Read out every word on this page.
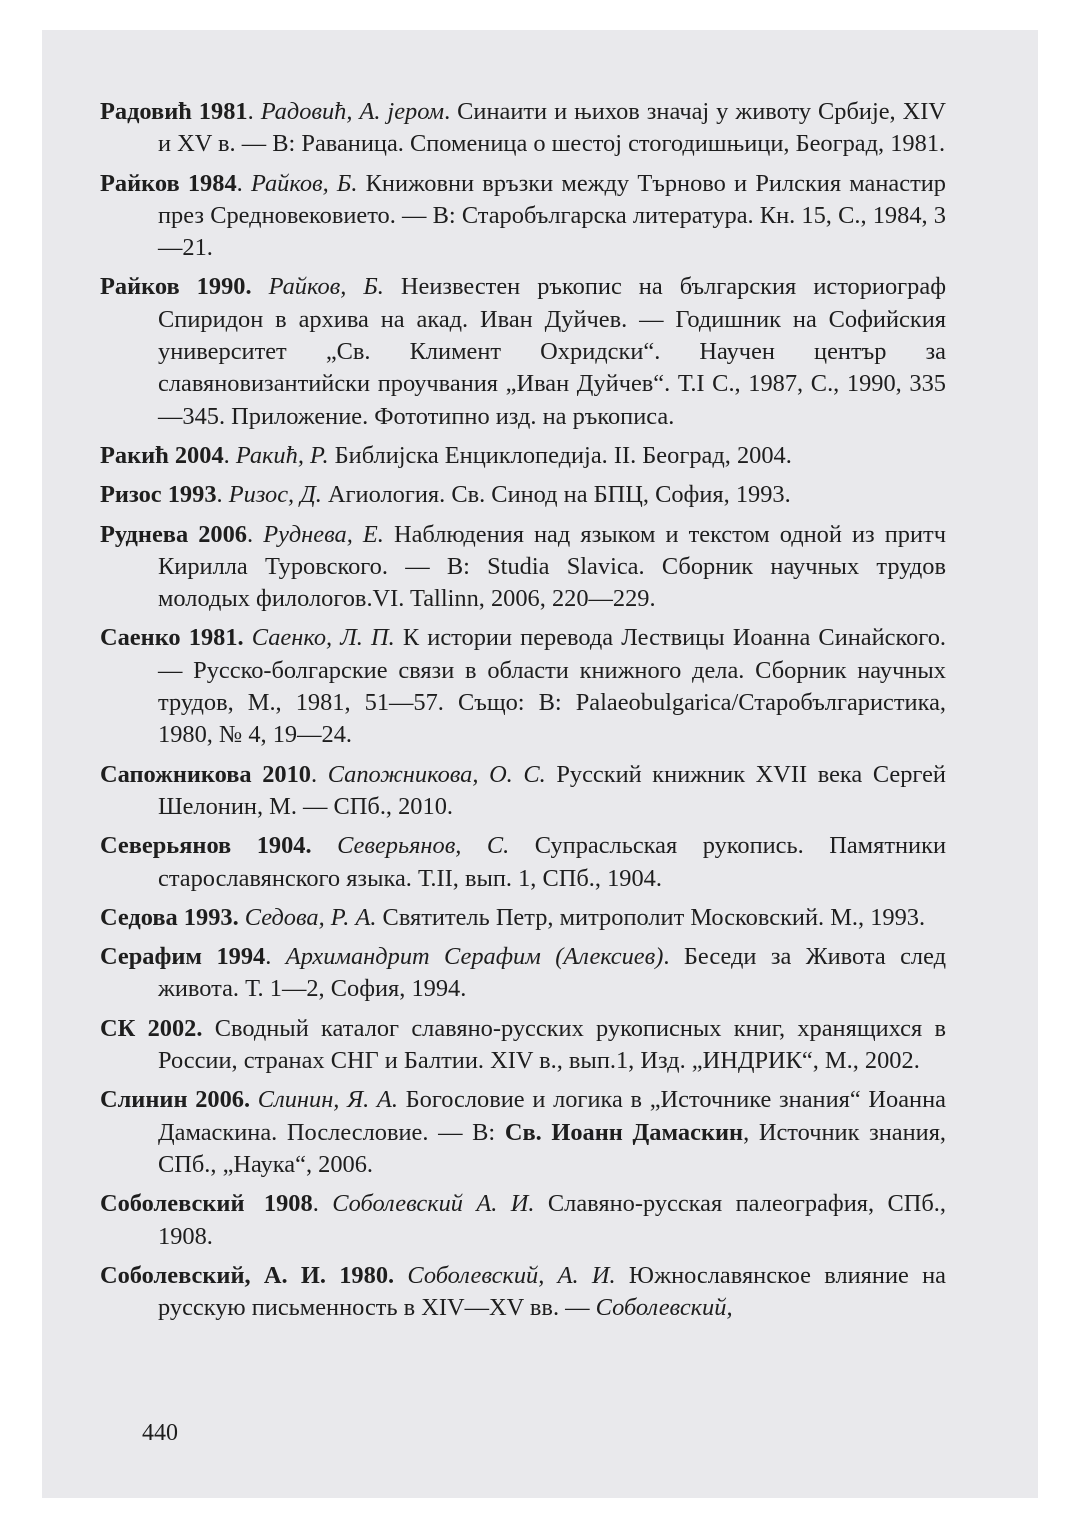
Радовић 1981. Радовић, А. јером. Синаити и њихов значај у животу Србије, XIV и XV в. — В: Раваница. Споменица о шестој стогодишњици, Београд, 1981.

Райков 1984. Райков, Б. Книжовни връзки между Търново и Рилския манастир през Средновековието. — В: Старобългарска литература. Кн. 15, С., 1984, 3—21.

Райков 1990. Райков, Б. Неизвестен ръкопис на българския историограф Спиридон в архива на акад. Иван Дуйчев. — Годишник на Софийския университет „Св. Климент Охридски“. Научен център за славяновизантийски проучвания „Иван Дуйчев“. Т.І С., 1987, С., 1990, 335—345. Приложение. Фототипно изд. на ръкописа.

Ракић 2004. Ракић, Р. Библијска Енциклопедија. II. Београд, 2004.

Ризос 1993. Ризос, Д. Агиология. Св. Синод на БПЦ, София, 1993.

Руднева 2006. Руднева, Е. Наблюдения над языком и текстом одной из притч Кирилла Туровского. — В: Studia Slavica. Сборник научных трудов молодых филологов.VI. Tallinn, 2006, 220—229.

Саенко 1981. Саенко, Л. П. К истории перевода Лествицы Иоанна Синайского. — Русско-болгарские связи в области книжного дела. Сборник научных трудов, М., 1981, 51—57. Също: В: Palaeobulgarica/Старобългаристика, 1980, № 4, 19—24.

Сапожникова 2010. Сапожникова, О. С. Русский книжник XVII века Сергей Шелонин, М. — СПб., 2010.

Северьянов 1904. Северьянов, С. Супрасльская рукопись. Памятники старославянского языка. Т.II, вып. 1, СПб., 1904.

Седова 1993. Седова, Р. А. Святитель Петр, митрополит Московский. М., 1993.

Серафим 1994. Архимандрит Серафим (Алексиев). Беседи за Живота след живота. Т. 1—2, София, 1994.

СК 2002. Сводный каталог славяно-русских рукописных книг, хранящихся в России, странах СНГ и Балтии. XIV в., вып.1, Изд. „ИНДРИК“, М., 2002.

Слинин 2006. Слинин, Я. А. Богословие и логика в „Источнике знания“ Иоанна Дамаскина. Послесловие. — В: Св. Иоанн Дамаскин, Источник знания, СПб., „Наука“, 2006.

Соболевский 1908. Соболевский А. И. Славяно-русская палеография, СПб., 1908.

Соболевский, А. И. 1980. Соболевский, А. И. Южнославянское влияние на русскую письменность в XIV—XV вв. — Соболевский,

440
